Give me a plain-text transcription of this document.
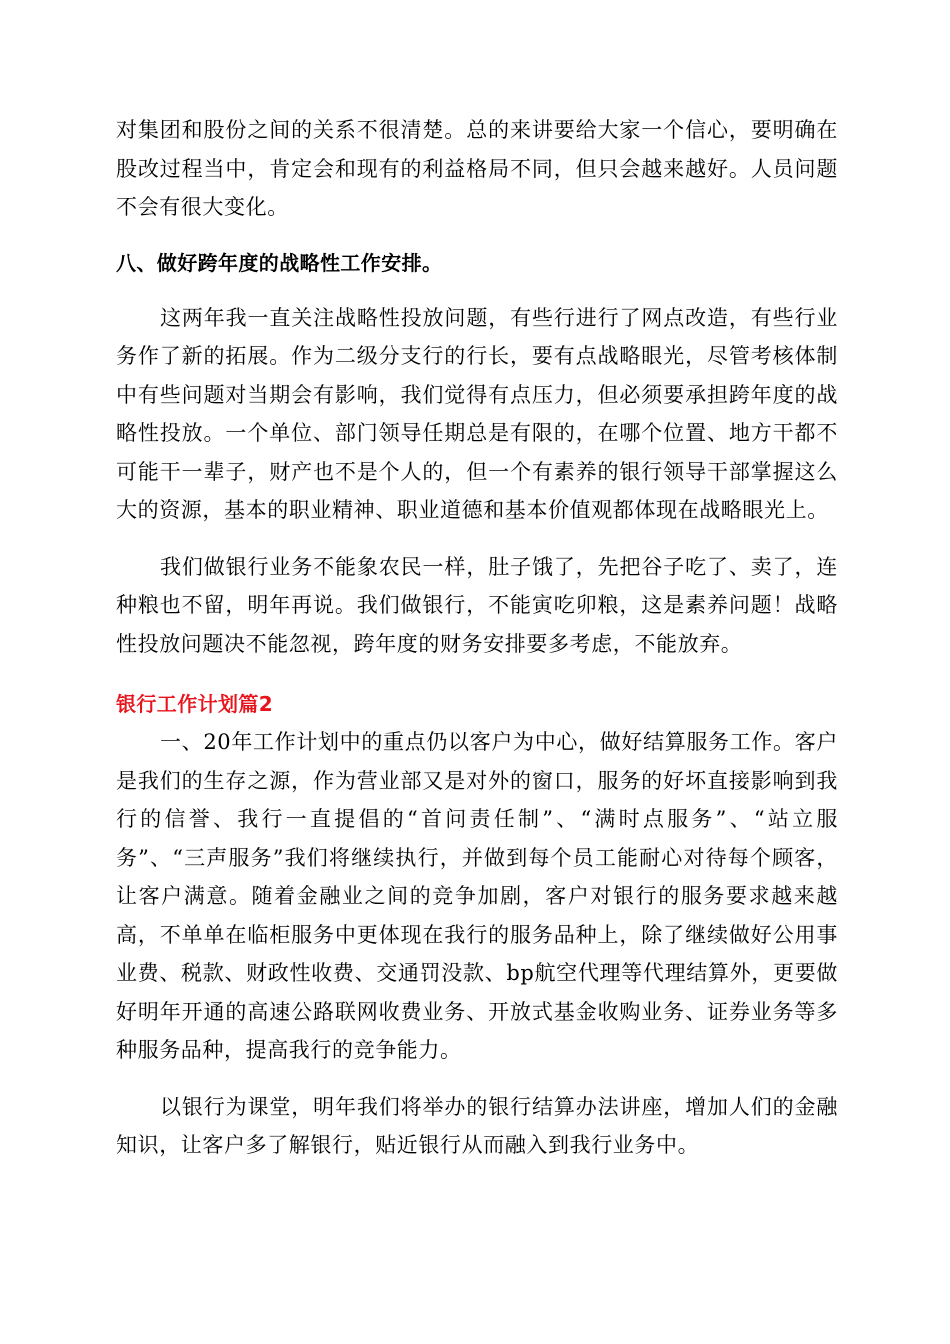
对集团和股份之间的关系不很清楚。总的来讲要给大家一个信心，要明确在股改过程当中，肯定会和现有的利益格局不同，但只会越来越好。人员问题不会有很大变化。

八、做好跨年度的战略性工作安排。

这两年我一直关注战略性投放问题，有些行进行了网点改造，有些行业务作了新的拓展。作为二级分支行的行长，要有点战略眼光，尽管考核体制中有些问题对当期会有影响，我们觉得有点压力，但必须要承担跨年度的战略性投放。一个单位、部门领导任期总是有限的，在哪个位置、地方干都不可能干一辈子，财产也不是个人的，但一个有素养的银行领导干部掌握这么大的资源，基本的职业精神、职业道德和基本价值观都体现在战略眼光上。

我们做银行业务不能象农民一样，肚子饿了，先把谷子吃了、卖了，连种粮也不留，明年再说。我们做银行，不能寅吃卯粮，这是素养问题！战略性投放问题决不能忽视，跨年度的财务安排要多考虑，不能放弃。

银行工作计划篇2

一、20年工作计划中的重点仍以客户为中心，做好结算服务工作。客户是我们的生存之源，作为营业部又是对外的窗口，服务的好坏直接影响到我行的信誉、我行一直提倡的“首问责任制”、“满时点服务”、“站立服务”、“三声服务”我们将继续执行，并做到每个员工能耐心对待每个顾客，让客户满意。随着金融业之间的竞争加剧，客户对银行的服务要求越来越高，不单单在临柜服务中更体现在我行的服务品种上，除了继续做好公用事业费、税款、财政性收费、交通罚没款、bp航空代理等代理结算外，更要做好明年开通的高速公路联网收费业务、开放式基金收购业务、证券业务等多种服务品种，提高我行的竞争能力。

以银行为课堂，明年我们将举办的银行结算办法讲座，增加人们的金融知识，让客户多了解银行，贴近银行从而融入到我行业务中。
